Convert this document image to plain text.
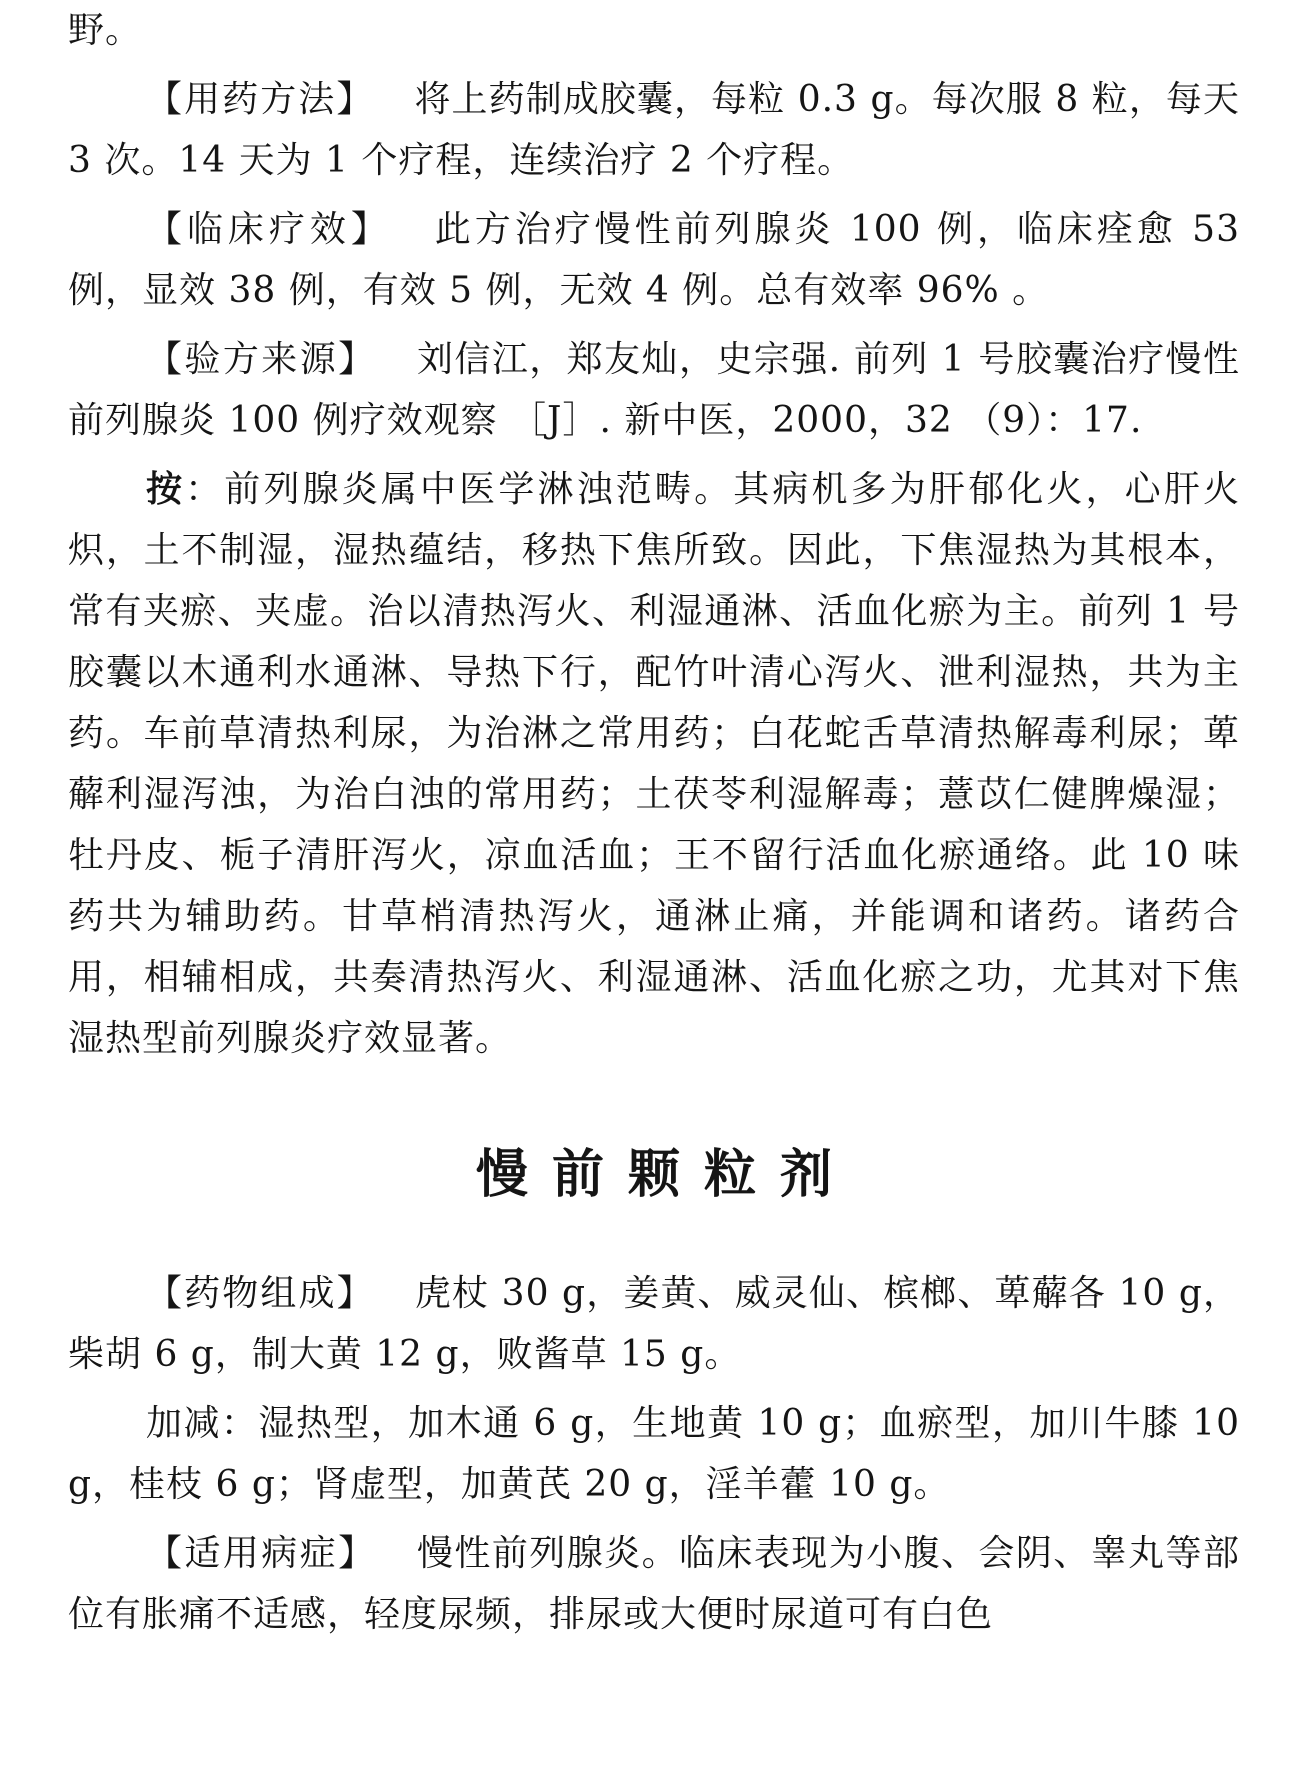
野。

【用药方法】 将上药制成胶囊，每粒 0.3 g。每次服 8 粒，每天 3 次。14 天为 1 个疗程，连续治疗 2 个疗程。

【临床疗效】 此方治疗慢性前列腺炎 100 例，临床痊愈 53 例，显效 38 例，有效 5 例，无效 4 例。总有效率 96% 。

【验方来源】 刘信江，郑友灿，史宗强. 前列 1 号胶囊治疗慢性前列腺炎 100 例疗效观察 ［J］. 新中医，2000，32 （9）：17.

按：前列腺炎属中医学淋浊范畴。其病机多为肝郁化火，心肝火炽，土不制湿，湿热蕴结，移热下焦所致。因此，下焦湿热为其根本，常有夹瘀、夹虚。治以清热泻火、利湿通淋、活血化瘀为主。前列 1 号胶囊以木通利水通淋、导热下行，配竹叶清心泻火、泄利湿热，共为主药。车前草清热利尿，为治淋之常用药；白花蛇舌草清热解毒利尿；萆薢利湿泻浊，为治白浊的常用药；土茯苓利湿解毒；薏苡仁健脾燥湿；牡丹皮、栀子清肝泻火，凉血活血；王不留行活血化瘀通络。此 10 味药共为辅助药。甘草梢清热泻火，通淋止痛，并能调和诸药。诸药合用，相辅相成，共奏清热泻火、利湿通淋、活血化瘀之功，尤其对下焦湿热型前列腺炎疗效显著。

慢前颗粒剂

【药物组成】 虎杖 30 g，姜黄、威灵仙、槟榔、萆薢各 10 g，柴胡 6 g，制大黄 12 g，败酱草 15 g。

加减：湿热型，加木通 6 g，生地黄 10 g；血瘀型，加川牛膝 10 g，桂枝 6 g；肾虚型，加黄芪 20 g，淫羊藿 10 g。

【适用病症】 慢性前列腺炎。临床表现为小腹、会阴、睾丸等部位有胀痛不适感，轻度尿频，排尿或大便时尿道可有白色
